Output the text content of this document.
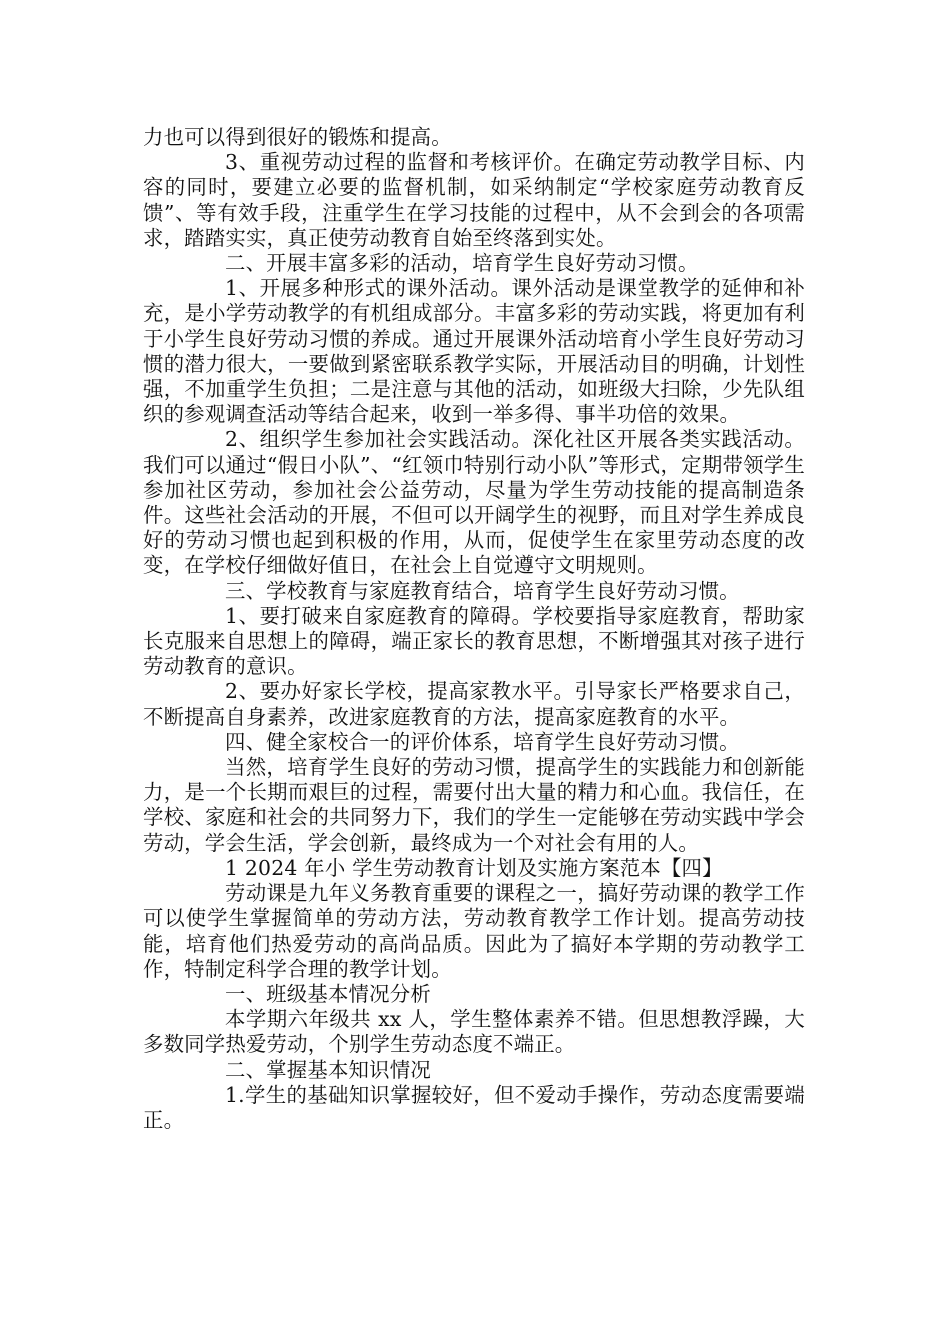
力也可以得到很好的锻炼和提高。

3、重视劳动过程的监督和考核评价。在确定劳动教学目标、内容的同时，要建立必要的监督机制，如采纳制定“学校家庭劳动教育反馈”、等有效手段，注重学生在学习技能的过程中，从不会到会的各项需求，踏踏实实，真正使劳动教育自始至终落到实处。

二、开展丰富多彩的活动，培育学生良好劳动习惯。

1、开展多种形式的课外活动。课外活动是课堂教学的延伸和补充，是小学劳动教学的有机组成部分。丰富多彩的劳动实践，将更加有利于小学生良好劳动习惯的养成。通过开展课外活动培育小学生良好劳动习惯的潜力很大，一要做到紧密联系教学实际，开展活动目的明确，计划性强，不加重学生负担；二是注意与其他的活动，如班级大扫除，少先队组织的参观调查活动等结合起来，收到一举多得、事半功倍的效果。

2、组织学生参加社会实践活动。深化社区开展各类实践活动。我们可以通过“假日小队”、“红领巾特别行动小队”等形式，定期带领学生参加社区劳动，参加社会公益劳动，尽量为学生劳动技能的提高制造条件。这些社会活动的开展，不但可以开阔学生的视野，而且对学生养成良好的劳动习惯也起到积极的作用，从而，促使学生在家里劳动态度的改变，在学校仔细做好值日，在社会上自觉遵守文明规则。

三、学校教育与家庭教育结合，培育学生良好劳动习惯。

1、要打破来自家庭教育的障碍。学校要指导家庭教育，帮助家长克服来自思想上的障碍，端正家长的教育思想，不断增强其对孩子进行劳动教育的意识。

2、要办好家长学校，提高家教水平。引导家长严格要求自己，不断提高自身素养，改进家庭教育的方法，提高家庭教育的水平。

四、健全家校合一的评价体系，培育学生良好劳动习惯。

当然，培育学生良好的劳动习惯，提高学生的实践能力和创新能力，是一个长期而艰巨的过程，需要付出大量的精力和心血。我信任，在学校、家庭和社会的共同努力下，我们的学生一定能够在劳动实践中学会劳动，学会生活，学会创新，最终成为一个对社会有用的人。

1 2024 年小 学生劳动教育计划及实施方案范本【四】

劳动课是九年义务教育重要的课程之一，搞好劳动课的教学工作可以使学生掌握简单的劳动方法，劳动教育教学工作计划。提高劳动技能，培育他们热爱劳动的高尚品质。因此为了搞好本学期的劳动教学工作，特制定科学合理的教学计划。

一、班级基本情况分析

本学期六年级共 xx 人，学生整体素养不错。但思想教浮躁，大多数同学热爱劳动，个别学生劳动态度不端正。

二、掌握基本知识情况

1.学生的基础知识掌握较好，但不爱动手操作，劳动态度需要端正。
